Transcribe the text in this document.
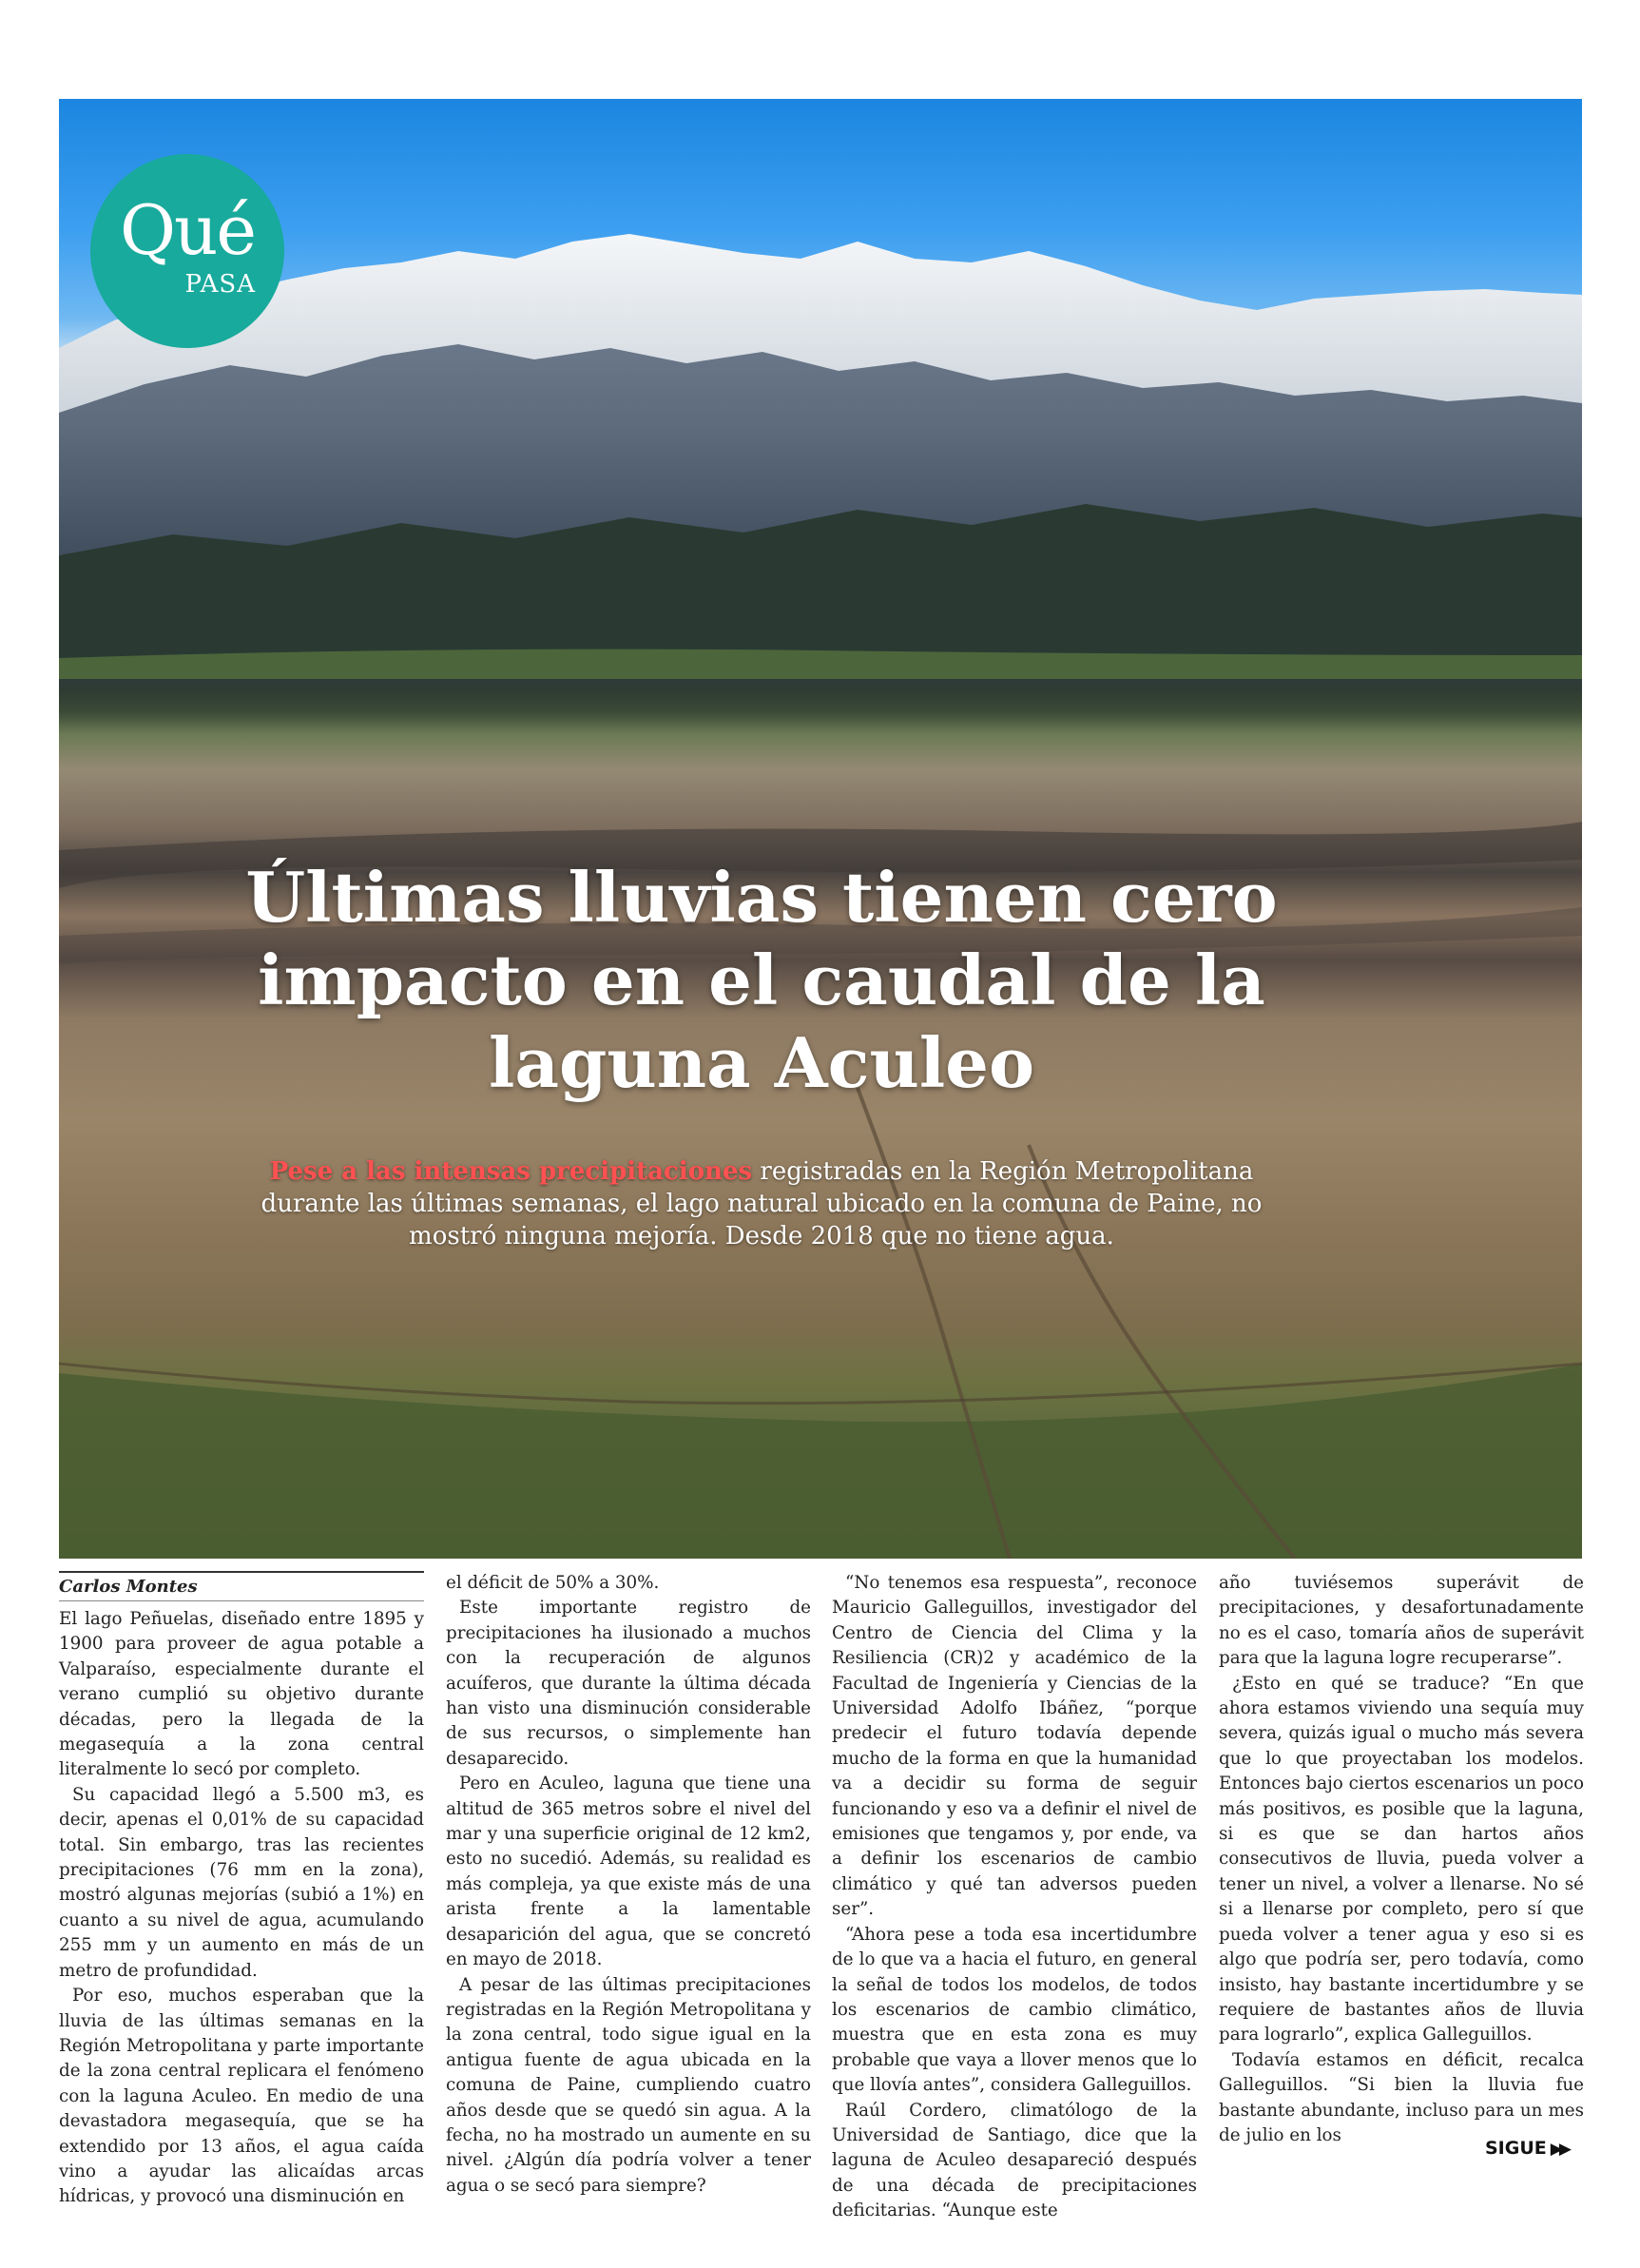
Qué
PASA
Últimas lluvias tienen cero impacto en el caudal de la laguna Aculeo

Pese a las intensas precipitaciones registradas en la Región Metropolitana durante las últimas semanas, el lago natural ubicado en la comuna de Paine, no mostró ninguna mejoría. Desde 2018 que no tiene agua.

Carlos Montes

El lago Peñuelas, diseñado entre 1895 y 1900 para proveer de agua potable a Valparaíso, especialmente durante el verano cumplió su objetivo durante décadas, pero la llegada de la megasequía a la zona central literalmente lo secó por completo.

Su capacidad llegó a 5.500 m3, es decir, apenas el 0,01% de su capacidad total. Sin embargo, tras las recientes precipitaciones (76 mm en la zona), mostró algunas mejorías (subió a 1%) en cuanto a su nivel de agua, acumulando 255 mm y un aumento en más de un metro de profundidad.

Por eso, muchos esperaban que la lluvia de las últimas semanas en la Región Metropolitana y parte importante de la zona central replicara el fenómeno con la laguna Aculeo. En medio de una devastadora megasequía, que se ha extendido por 13 años, el agua caída vino a ayudar las alicaídas arcas hídricas, y provocó una disminución en

el déficit de 50% a 30%.

Este importante registro de precipitaciones ha ilusionado a muchos con la recuperación de algunos acuíferos, que durante la última década han visto una disminución considerable de sus recursos, o simplemente han desaparecido.

Pero en Aculeo, laguna que tiene una altitud de 365 metros sobre el nivel del mar y una superficie original de 12 km2, esto no sucedió. Además, su realidad es más compleja, ya que existe más de una arista frente a la lamentable desaparición del agua, que se concretó en mayo de 2018.

A pesar de las últimas precipitaciones registradas en la Región Metropolitana y la zona central, todo sigue igual en la antigua fuente de agua ubicada en la comuna de Paine, cumpliendo cuatro años desde que se quedó sin agua. A la fecha, no ha mostrado un aumente en su nivel. ¿Algún día podría volver a tener agua o se secó para siempre?

“No tenemos esa respuesta”, reconoce Mauricio Galleguillos, investigador del Centro de Ciencia del Clima y la Resiliencia (CR)2 y académico de la Facultad de Ingeniería y Ciencias de la Universidad Adolfo Ibáñez, “porque predecir el futuro todavía depende mucho de la forma en que la humanidad va a decidir su forma de seguir funcionando y eso va a definir el nivel de emisiones que tengamos y, por ende, va a definir los escenarios de cambio climático y qué tan adversos pueden ser”.

“Ahora pese a toda esa incertidumbre de lo que va a hacia el futuro, en general la señal de todos los modelos, de todos los escenarios de cambio climático, muestra que en esta zona es muy probable que vaya a llover menos que lo que llovía antes”, considera Galleguillos.

Raúl Cordero, climatólogo de la Universidad de Santiago, dice que la laguna de Aculeo desapareció después de una década de precipitaciones deficitarias. “Aunque este

año tuviésemos superávit de precipitaciones, y desafortunadamente no es el caso, tomaría años de superávit para que la laguna logre recuperarse”.

¿Esto en qué se traduce? “En que ahora estamos viviendo una sequía muy severa, quizás igual o mucho más severa que lo que proyectaban los modelos. Entonces bajo ciertos escenarios un poco más positivos, es posible que la laguna, si es que se dan hartos años consecutivos de lluvia, pueda volver a tener un nivel, a volver a llenarse. No sé si a llenarse por completo, pero sí que pueda volver a tener agua y eso si es algo que podría ser, pero todavía, como insisto, hay bastante incertidumbre y se requiere de bastantes años de lluvia para lograrlo”, explica Galleguillos.

Todavía estamos en déficit, recalca Galleguillos. “Si bien la lluvia fue bastante abundante, incluso para un mes de julio en los

SIGUE ▶▶
